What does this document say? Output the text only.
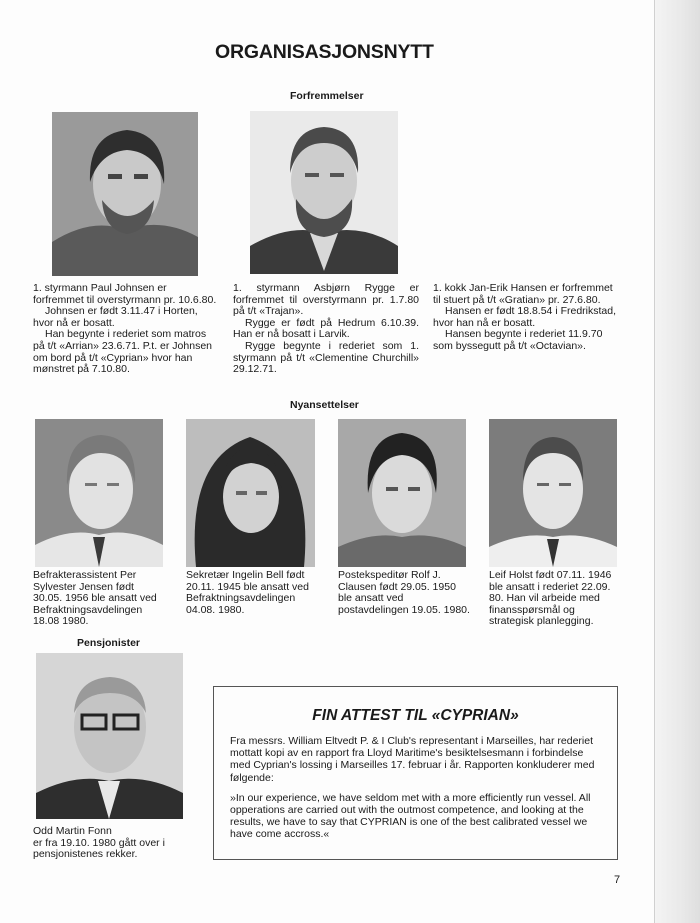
ORGANISASJONSNYTT
Forfremmelser

1. styrmann Paul Johnsen er forfremmet til overstyrmann pr. 10.6.80.

Johnsen er født 3.11.47 i Horten, hvor nå er bosatt.

Han begynte i rederiet som matros på t/t «Arrian» 23.6.71. P.t. er Johnsen om bord på t/t «Cyprian» hvor han mønstret på 7.10.80.

1. styrmann Asbjørn Rygge er forfremmet til overstyrmann pr. 1.7.80 på t/t «Trajan».

Rygge er født på Hedrum 6.10.39. Han er nå bosatt i Larvik.

Rygge begynte i rederiet som 1. styrmann på t/t «Clementine Churchill» 29.12.71.

1. kokk Jan-Erik Hansen er forfremmet til stuert på t/t «Gratian» pr. 27.6.80.

Hansen er født 18.8.54 i Fredrikstad, hvor han nå er bosatt.

Hansen begynte i rederiet 11.9.70 som byssegutt på t/t «Octavian».

Nyansettelser
Befrakterassistent Per Sylvester Jensen født 30.05. 1956 ble ansatt ved Befraktningsavdelingen 18.08 1980.
Sekretær Ingelin Bell født 20.11. 1945 ble ansatt ved Befraktningsavdelingen 04.08. 1980.
Postekspeditør Rolf J. Clausen født 29.05. 1950 ble ansatt ved postavdelingen 19.05. 1980.
Leif Holst født 07.11. 1946 ble ansatt i rederiet 22.09. 80. Han vil arbeide med finansspørsmål og strategisk planlegging.
Pensjonister
Odd Martin Fonn
er fra 19.10. 1980 gått over i pensjonistenes rekker.
FIN ATTEST TIL «CYPRIAN»
Fra messrs. William Eltvedt P. & I Club's representant i Marseilles, har rederiet mottatt kopi av en rapport fra Lloyd Maritime's besiktelsesmann i forbindelse med Cyprian's lossing i Marseilles 17. februar i år. Rapporten konkluderer med følgende:
»In our experience, we have seldom met with a more efficiently run vessel. All opperations are carried out with the outmost competence, and looking at the results, we have to say that CYPRIAN is one of the best calibrated vessel we have come accross.«
7
